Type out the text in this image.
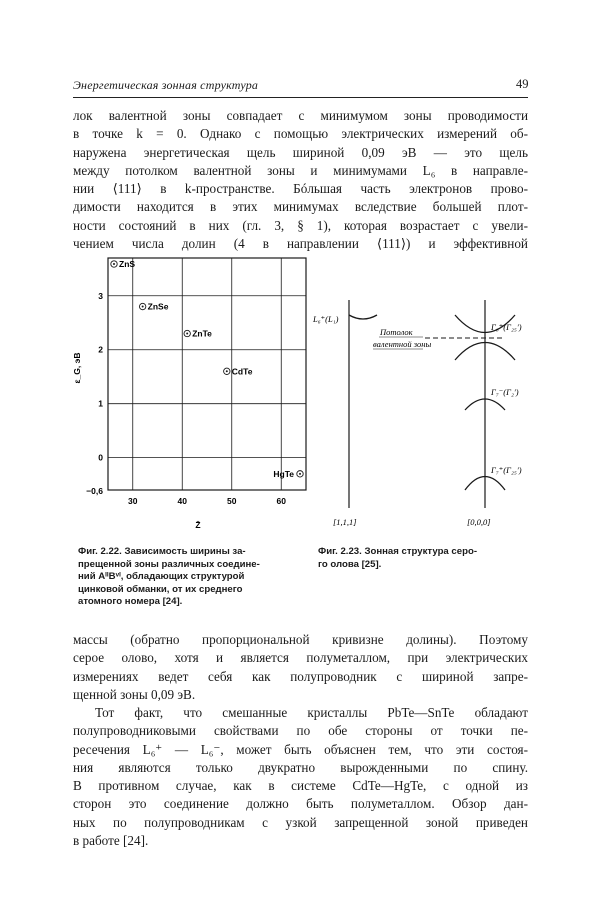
Энергетическая зонная структура	49
лок валентной зоны совпадает с минимумом зоны проводимости
в точке k = 0. Однако с помощью электрических измерений об-
наружена энергетическая щель шириной 0,09 эВ — это щель
между потолком валентной зоны и минимумами L₆ в направле-
нии ⟨111⟩ в k-пространстве. Бóльшая часть электронов прово-
димости находится в этих минимумах вследствие большей плот-
ности состояний в них (гл. 3, § 1), которая возрастает с увели-
чением числа долин (4 в направлении ⟨111⟩) и эффективной
ZnS
ZnSe
ZnTe
CdTe
HgTe
30	40	50	60
3
2
1
0
−0,6
ε_G, эВ
Z̄
L₆⁺(L₁)
Потолок
валентной зоны
Γ₈⁺(Γ₂₅′)
Γ₇⁻(Γ₂′)
Γ₇⁺(Γ₂₅′)
[1,1,1]	[0,0,0]
Фиг. 2.22. Зависимость ширины за-
прещенной зоны различных соедине-
ний AᴵᴵBᵛᴵ, обладающих структурой
цинковой обманки, от их среднего
атомного номера [24].
Фиг. 2.23. Зонная структура серо-
го олова [25].
массы (обратно пропорциональной кривизне долины). Поэтому
серое олово, хотя и является полуметаллом, при электрических
измерениях ведет себя как полупроводник с шириной запре-
щенной зоны 0,09 эВ.
Тот факт, что смешанные кристаллы PbTe—SnTe обладают
полупроводниковыми свойствами по обе стороны от точки пе-
ресечения L₆⁺ — L₆⁻, может быть объяснен тем, что эти состоя-
ния являются только двукратно вырожденными по спину.
В противном случае, как в системе CdTe—HgTe, с одной из
сторон это соединение должно быть полуметаллом. Обзор дан-
ных по полупроводникам с узкой запрещенной зоной приведен
в работе [24].
